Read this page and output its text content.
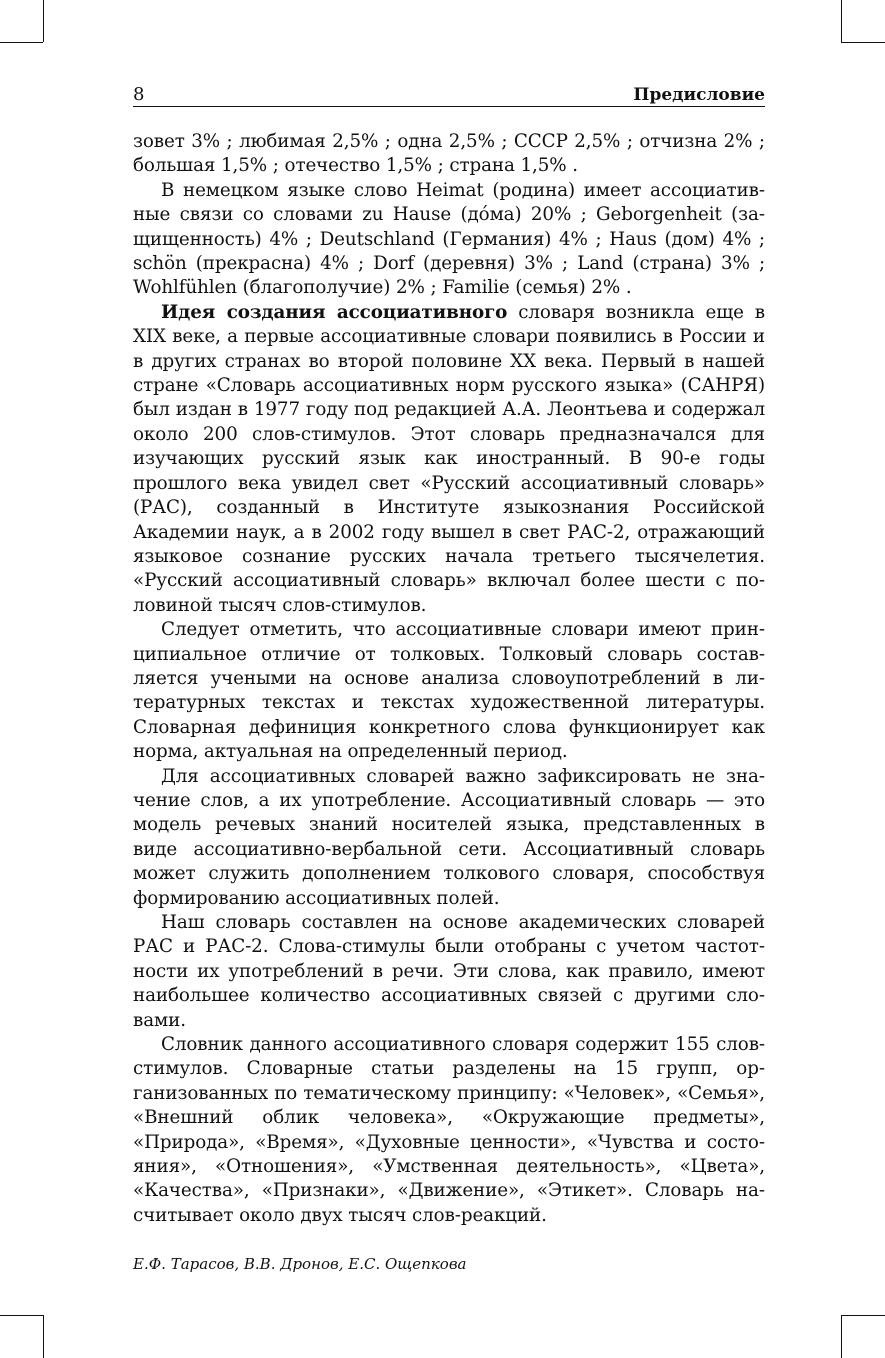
8	Предисловие

зовет 3% ; любимая 2,5% ; одна 2,5% ; СССР 2,5% ; отчизна 2% ; большая 1,5% ; отечество 1,5% ; страна 1,5% .

В немецком языке слово Heimat (родина) имеет ассоциативные связи со словами zu Hause (до́ма) 20% ; Geborgenheit (защищенность) 4% ; Deutschland (Германия) 4% ; Haus (дом) 4% ; schön (прекрасна) 4% ; Dorf (деревня) 3% ; Land (страна) 3% ; Wohlfühlen (благополучие) 2% ; Familie (семья) 2% .

Идея создания ассоциативного словаря возникла еще в XIX веке, а первые ассоциативные словари появились в России и в других странах во второй половине XX века. Первый в нашей стране «Словарь ассоциативных норм русского языка» (САНРЯ) был издан в 1977 году под редакцией А.А. Леонтьева и содержал около 200 слов-стимулов. Этот словарь предназначался для изучающих русский язык как иностранный. В 90-е годы прошлого века увидел свет «Русский ассоциативный словарь» (РАС), созданный в Институте языкознания Российской Академии наук, а в 2002 году вышел в свет РАС-2, отражающий языковое сознание русских начала третьего тысячелетия. «Русский ассоциативный словарь» включал более шести с половиной тысяч слов-стимулов.

Следует отметить, что ассоциативные словари имеют принципиальное отличие от толковых. Толковый словарь составляется учеными на основе анализа словоупотреблений в литературных текстах и текстах художественной литературы. Словарная дефиниция конкретного слова функционирует как норма, актуальная на определенный период.

Для ассоциативных словарей важно зафиксировать не значение слов, а их употребление. Ассоциативный словарь — это модель речевых знаний носителей языка, представленных в виде ассоциативно-вербальной сети. Ассоциативный словарь может служить дополнением толкового словаря, способствуя формированию ассоциативных полей.

Наш словарь составлен на основе академических словарей РАС и РАС-2. Слова-стимулы были отобраны с учетом частотности их употреблений в речи. Эти слова, как правило, имеют наибольшее количество ассоциативных связей с другими словами.

Словник данного ассоциативного словаря содержит 155 слов-стимулов. Словарные статьи разделены на 15 групп, организованных по тематическому принципу: «Человек», «Семья», «Внешний облик человека», «Окружающие предметы», «Природа», «Время», «Духовные ценности», «Чувства и состояния», «Отношения», «Умственная деятельность», «Цвета», «Качества», «Признаки», «Движение», «Этикет». Словарь насчитывает около двух тысяч слов-реакций.

Е.Ф. Тарасов, В.В. Дронов, Е.С. Ощепкова
